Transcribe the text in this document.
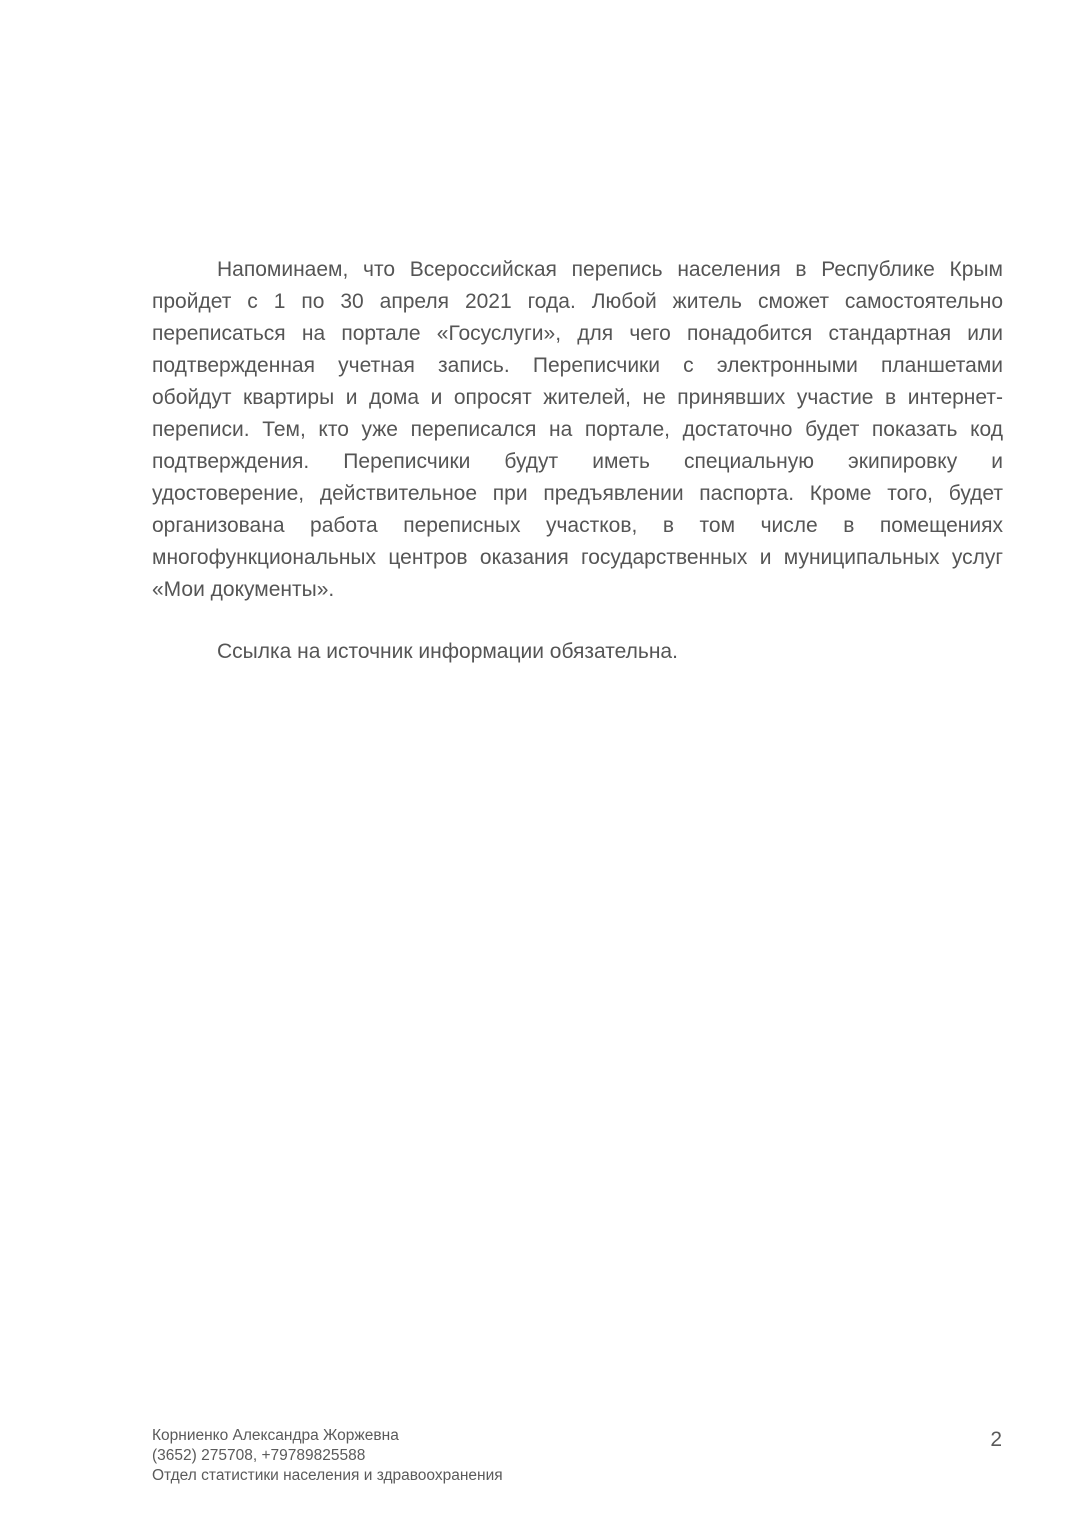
Напоминаем, что Всероссийская перепись населения в Республике Крым
пройдет с 1 по 30 апреля 2021 года. Любой житель сможет самостоятельно
переписаться на портале «Госуслуги», для чего понадобится стандартная или
подтвержденная учетная запись. Переписчики с электронными планшетами
обойдут квартиры и дома и опросят жителей, не принявших участие в интернет-
переписи. Тем, кто уже переписался на портале, достаточно будет показать код
подтверждения. Переписчики будут иметь специальную экипировку и
удостоверение, действительное при предъявлении паспорта. Кроме того, будет
организована работа переписных участков, в том числе в помещениях
многофункциональных центров оказания государственных и муниципальных услуг
«Мои документы».

Ссылка на источник информации обязательна.

Корниенко Александра Жоржевна
(3652) 275708, +79789825588
Отдел статистики населения и здравоохранения
2
